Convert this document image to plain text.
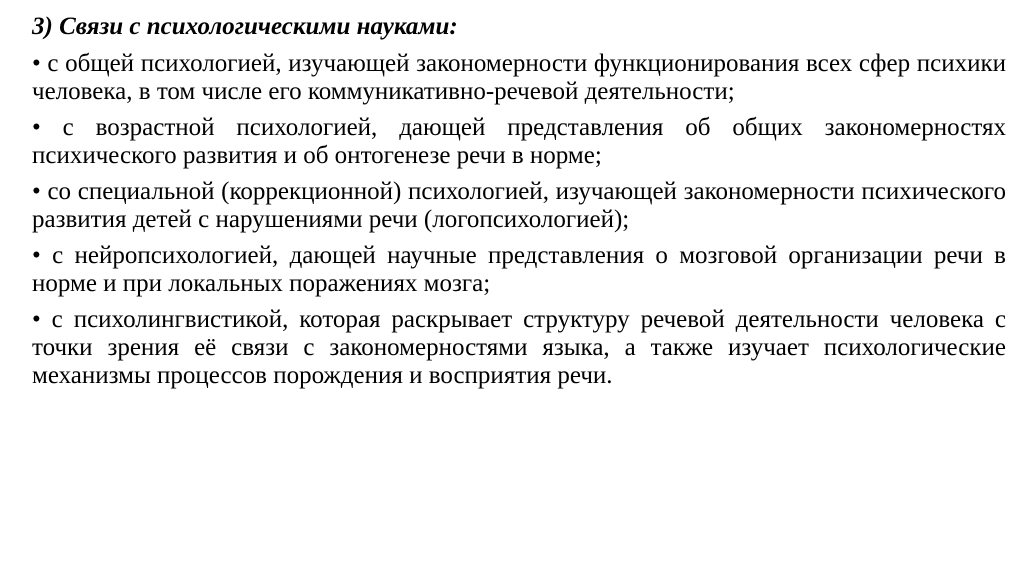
3) Связи с психологическими науками:
• с общей психологией, изучающей закономерности функционирования всех сфер психики человека, в том числе его коммуникативно-речевой деятельности;
• с возрастной психологией, дающей представления об общих закономерностях психического развития и об онтогенезе речи в норме;
• со специальной (коррекционной) психологией, изучающей закономерности психического развития детей с нарушениями речи (логопсихологией);
• с нейропсихологией, дающей научные представления о мозговой организации речи в норме и при локальных поражениях мозга;
• с психолингвистикой, которая раскрывает структуру речевой деятельности человека с точки зрения её связи с закономерностями языка, а также изучает психологические механизмы процессов порождения и восприятия речи.
